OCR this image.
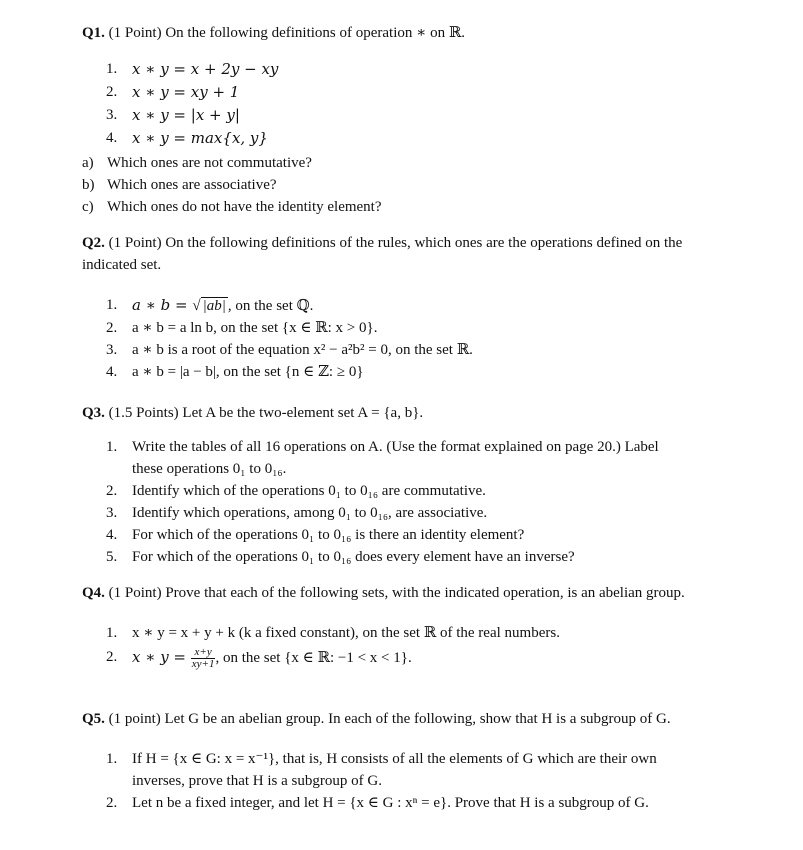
Q1. (1 Point) On the following definitions of operation ∗ on ℝ.

1. x ∗ y = x + 2y − xy
2. x ∗ y = xy + 1
3. x ∗ y = |x + y|
4. x ∗ y = max{x, y}
a) Which ones are not commutative?
b) Which ones are associative?
c) Which ones do not have the identity element?

Q2. (1 Point) On the following definitions of the rules, which ones are the operations defined on the indicated set.

1. a ∗ b = √ |ab| , on the set ℚ.
2. a ∗ b = a ln b, on the set {x ∈ ℝ: x > 0}.
3. a ∗ b is a root of the equation x² − a²b² = 0, on the set ℝ.
4. a ∗ b = |a − b|, on the set {n ∈ ℤ: ≥ 0}

Q3. (1.5 Points) Let A be the two-element set A = {a, b}.

1. Write the tables of all 16 operations on A. (Use the format explained on page 20.) Label these operations 0₁ to 0₁₆.
2. Identify which of the operations 0₁ to 0₁₆ are commutative.
3. Identify which operations, among 0₁ to 0₁₆, are associative.
4. For which of the operations 0₁ to 0₁₆ is there an identity element?
5. For which of the operations 0₁ to 0₁₆ does every element have an inverse?

Q4. (1 Point) Prove that each of the following sets, with the indicated operation, is an abelian group.

1. x ∗ y = x + y + k (k a fixed constant), on the set ℝ of the real numbers.
2. x ∗ $y = \frac{x+y}{xy+1}$ , on the set {x ∈ ℝ: −1 < x < 1}.

Q5. (1 point) Let G be an abelian group. In each of the following, show that H is a subgroup of G.

1. If H = {x ∈ G: x = x⁻¹}, that is, H consists of all the elements of G which are their own inverses, prove that H is a subgroup of G.
2. Let n be a fixed integer, and let H = {x ∈ G : xⁿ = e}. Prove that H is a subgroup of G.
